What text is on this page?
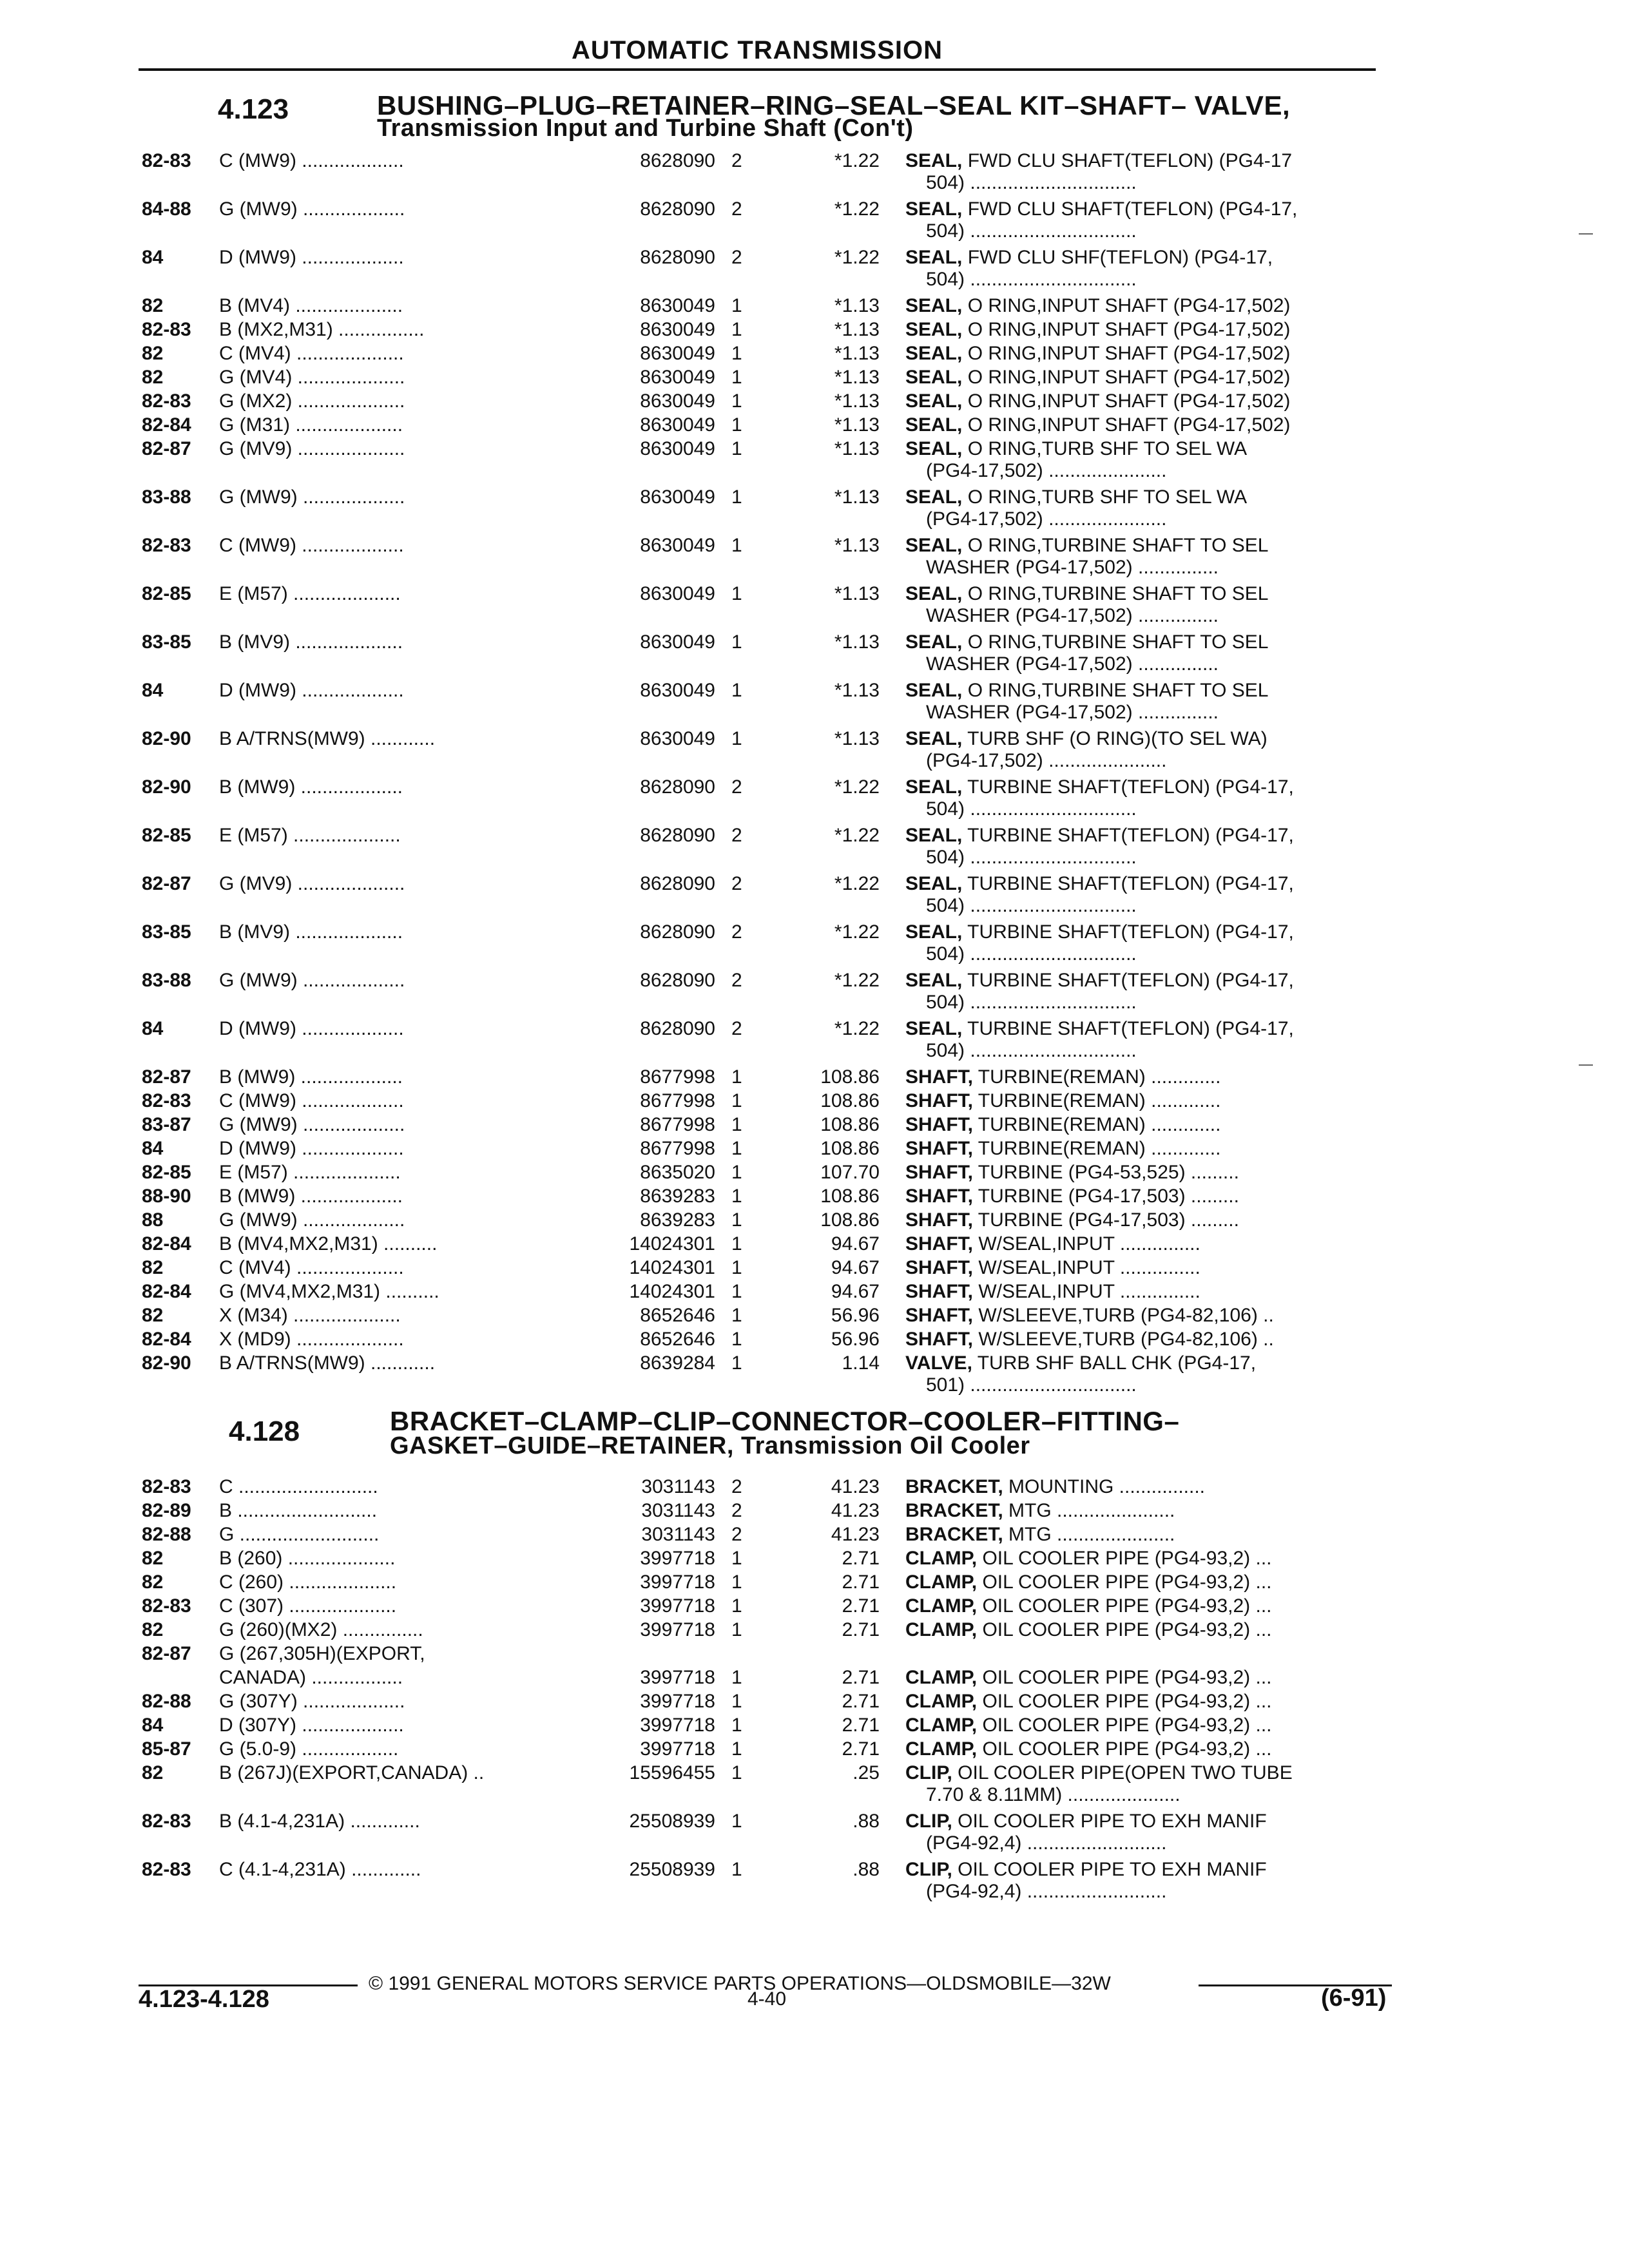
AUTOMATIC TRANSMISSION
4.123	BUSHING–PLUG–RETAINER–RING–SEAL–SEAL KIT–SHAFT– VALVE,
Transmission Input and Turbine Shaft (Con't)
82-83 C (MW9) ...................	8628090 2	*1.22 SEAL, FWD CLU SHAFT(TEFLON) (PG4-17
504) ...............................
84-88 G (MW9) ...................	8628090 2	*1.22 SEAL, FWD CLU SHAFT(TEFLON) (PG4-17,
504) ...............................
84	D (MW9) ...................	8628090 2	*1.22 SEAL, FWD CLU SHF(TEFLON) (PG4-17,
504) ...............................
82	B (MV4) ....................	8630049 1	*1.13 SEAL, O RING,INPUT SHAFT (PG4-17,502)
82-83 B (MX2,M31) ................	8630049 1	*1.13 SEAL, O RING,INPUT SHAFT (PG4-17,502)
82	C (MV4) ....................	8630049 1	*1.13 SEAL, O RING,INPUT SHAFT (PG4-17,502)
82	G (MV4) ....................	8630049 1	*1.13 SEAL, O RING,INPUT SHAFT (PG4-17,502)
82-83 G (MX2) ....................	8630049 1	*1.13 SEAL, O RING,INPUT SHAFT (PG4-17,502)
82-84 G (M31) ....................	8630049 1	*1.13 SEAL, O RING,INPUT SHAFT (PG4-17,502)
82-87 G (MV9) ....................	8630049 1	*1.13 SEAL, O RING,TURB SHF TO SEL WA
(PG4-17,502) ......................
83-88 G (MW9) ...................	8630049 1	*1.13 SEAL, O RING,TURB SHF TO SEL WA
(PG4-17,502) ......................
82-83 C (MW9) ...................	8630049 1	*1.13 SEAL, O RING,TURBINE SHAFT TO SEL
WASHER (PG4-17,502) ...............
82-85 E (M57) ....................	8630049 1	*1.13 SEAL, O RING,TURBINE SHAFT TO SEL
WASHER (PG4-17,502) ...............
83-85 B (MV9) ....................	8630049 1	*1.13 SEAL, O RING,TURBINE SHAFT TO SEL
WASHER (PG4-17,502) ...............
84	D (MW9) ...................	8630049 1	*1.13 SEAL, O RING,TURBINE SHAFT TO SEL
WASHER (PG4-17,502) ...............
82-90 B A/TRNS(MW9) ............	8630049 1	*1.13 SEAL, TURB SHF (O RING)(TO SEL WA)
(PG4-17,502) ......................
82-90 B (MW9) ...................	8628090 2	*1.22 SEAL, TURBINE SHAFT(TEFLON) (PG4-17,
504) ...............................
82-85 E (M57) ....................	8628090 2	*1.22 SEAL, TURBINE SHAFT(TEFLON) (PG4-17,
504) ...............................
82-87 G (MV9) ....................	8628090 2	*1.22 SEAL, TURBINE SHAFT(TEFLON) (PG4-17,
504) ...............................
83-85 B (MV9) ....................	8628090 2	*1.22 SEAL, TURBINE SHAFT(TEFLON) (PG4-17,
504) ...............................
83-88 G (MW9) ...................	8628090 2	*1.22 SEAL, TURBINE SHAFT(TEFLON) (PG4-17,
504) ...............................
84	D (MW9) ...................	8628090 2	*1.22 SEAL, TURBINE SHAFT(TEFLON) (PG4-17,
504) ...............................
82-87 B (MW9) ...................	8677998 1	108.86 SHAFT, TURBINE(REMAN) .............
82-83 C (MW9) ...................	8677998 1	108.86 SHAFT, TURBINE(REMAN) .............
83-87 G (MW9) ...................	8677998 1	108.86 SHAFT, TURBINE(REMAN) .............
84	D (MW9) ...................	8677998 1	108.86 SHAFT, TURBINE(REMAN) .............
82-85 E (M57) ....................	8635020 1	107.70 SHAFT, TURBINE (PG4-53,525) .........
88-90 B (MW9) ...................	8639283 1	108.86 SHAFT, TURBINE (PG4-17,503) .........
88	G (MW9) ...................	8639283 1	108.86 SHAFT, TURBINE (PG4-17,503) .........
82-84 B (MV4,MX2,M31) ..........	14024301 1	94.67 SHAFT, W/SEAL,INPUT ...............
82	C (MV4) ....................	14024301 1	94.67 SHAFT, W/SEAL,INPUT ...............
82-84 G (MV4,MX2,M31) ..........	14024301 1	94.67 SHAFT, W/SEAL,INPUT ...............
82	X (M34) ....................	8652646 1	56.96 SHAFT, W/SLEEVE,TURB (PG4-82,106) ..
82-84 X (MD9) ....................	8652646 1	56.96 SHAFT, W/SLEEVE,TURB (PG4-82,106) ..
82-90 B A/TRNS(MW9) ............	8639284 1	1.14 VALVE, TURB SHF BALL CHK (PG4-17,
501) ...............................
4.128	BRACKET–CLAMP–CLIP–CONNECTOR–COOLER–FITTING–
GASKET–GUIDE–RETAINER, Transmission Oil Cooler
82-83 C ..........................	3031143 2	41.23 BRACKET, MOUNTING ................
82-89 B ..........................	3031143 2	41.23 BRACKET, MTG ......................
82-88 G ..........................	3031143 2	41.23 BRACKET, MTG ......................
82	B (260) ....................	3997718 1	2.71 CLAMP, OIL COOLER PIPE (PG4-93,2) ...
82	C (260) ....................	3997718 1	2.71 CLAMP, OIL COOLER PIPE (PG4-93,2) ...
82-83 C (307) ....................	3997718 1	2.71 CLAMP, OIL COOLER PIPE (PG4-93,2) ...
82	G (260)(MX2) ...............	3997718 1	2.71 CLAMP, OIL COOLER PIPE (PG4-93,2) ...
82-87 G (267,305H)(EXPORT,
CANADA) .................	3997718 1	2.71 CLAMP, OIL COOLER PIPE (PG4-93,2) ...
82-88 G (307Y) ...................	3997718 1	2.71 CLAMP, OIL COOLER PIPE (PG4-93,2) ...
84	D (307Y) ...................	3997718 1	2.71 CLAMP, OIL COOLER PIPE (PG4-93,2) ...
85-87 G (5.0-9) ..................	3997718 1	2.71 CLAMP, OIL COOLER PIPE (PG4-93,2) ...
82	B (267J)(EXPORT,CANADA) ..	15596455 1	.25 CLIP, OIL COOLER PIPE(OPEN TWO TUBE
7.70 & 8.11MM) .....................
82-83 B (4.1-4,231A) .............	25508939 1	.88 CLIP, OIL COOLER PIPE TO EXH MANIF
(PG4-92,4) ..........................
82-83 C (4.1-4,231A) .............	25508939 1	.88 CLIP, OIL COOLER PIPE TO EXH MANIF
(PG4-92,4) ..........................
© 1991 GENERAL MOTORS SERVICE PARTS OPERATIONS—OLDSMOBILE—32W
4.123-4.128	4-40	(6-91)
